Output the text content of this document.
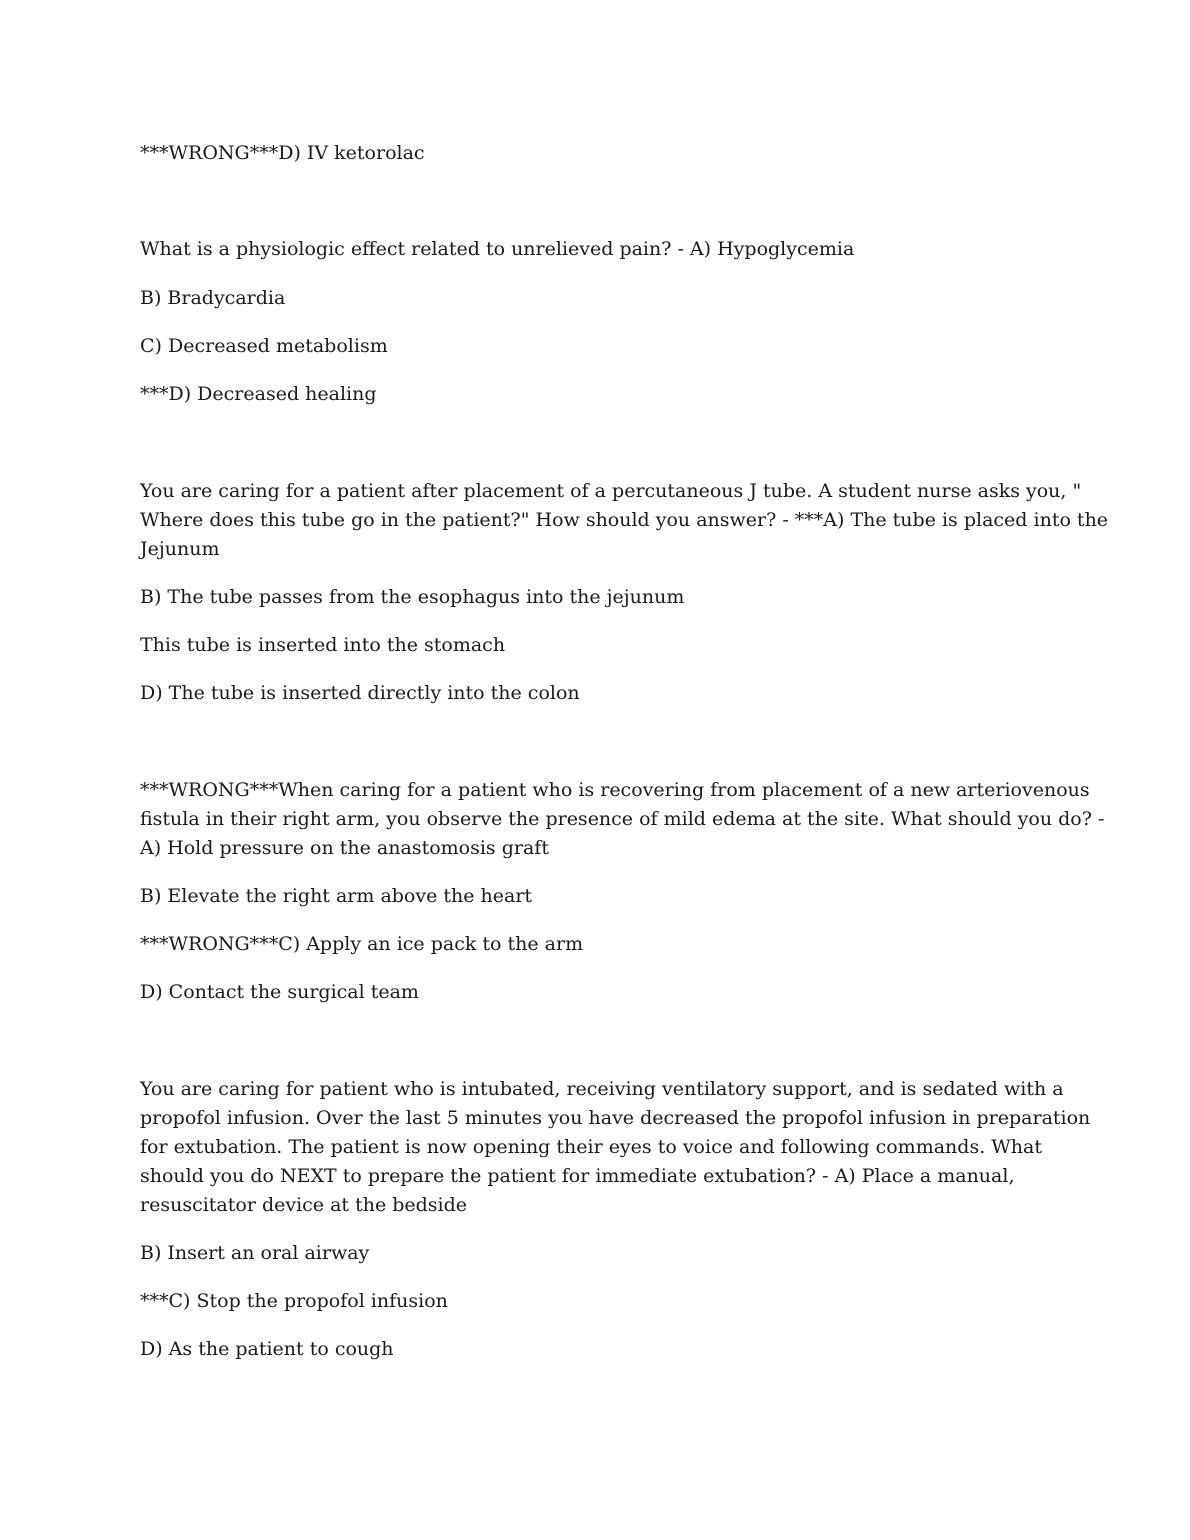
***WRONG***D) IV ketorolac

What is a physiologic effect related to unrelieved pain? - A) Hypoglycemia

B) Bradycardia

C) Decreased metabolism

***D) Decreased healing

You are caring for a patient after placement of a percutaneous J tube. A student nurse asks you, "
Where does this tube go in the patient?" How should you answer? - ***A) The tube is placed into the
Jejunum

B) The tube passes from the esophagus into the jejunum

This tube is inserted into the stomach

D) The tube is inserted directly into the colon

***WRONG***When caring for a patient who is recovering from placement of a new arteriovenous
fistula in their right arm, you observe the presence of mild edema at the site. What should you do? -
A) Hold pressure on the anastomosis graft

B) Elevate the right arm above the heart

***WRONG***C) Apply an ice pack to the arm

D) Contact the surgical team

You are caring for patient who is intubated, receiving ventilatory support, and is sedated with a
propofol infusion. Over the last 5 minutes you have decreased the propofol infusion in preparation
for extubation. The patient is now opening their eyes to voice and following commands. What
should you do NEXT to prepare the patient for immediate extubation? - A) Place a manual,
resuscitator device at the bedside

B) Insert an oral airway

***C) Stop the propofol infusion

D) As the patient to cough
